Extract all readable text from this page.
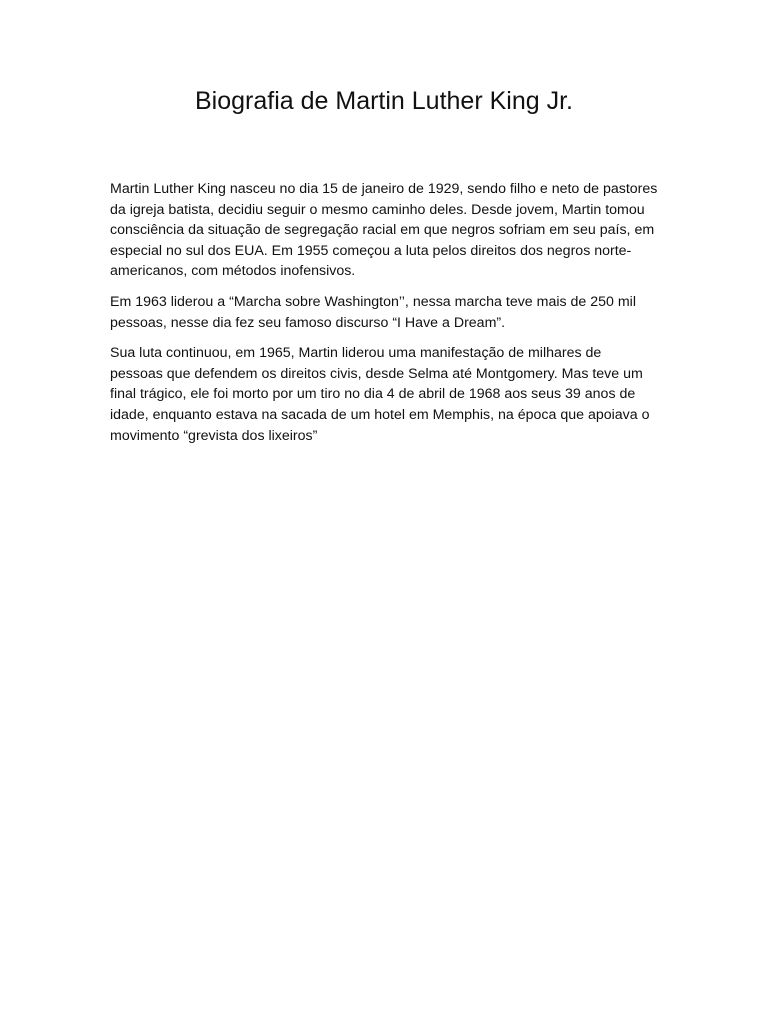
Biografia de Martin Luther King Jr.

Martin Luther King nasceu no dia 15 de janeiro de 1929, sendo filho e neto de pastores da igreja batista, decidiu seguir o mesmo caminho deles. Desde jovem, Martin tomou consciência da situação de segregação racial em que negros sofriam em seu país, em especial no sul dos EUA. Em 1955 começou a luta pelos direitos dos negros norte-americanos, com métodos inofensivos.

Em 1963 liderou a “Marcha sobre Washington’’, nessa marcha teve mais de 250 mil pessoas, nesse dia fez seu famoso discurso “I Have a Dream”.

Sua luta continuou, em 1965, Martin liderou uma manifestação de milhares de pessoas que defendem os direitos civis, desde Selma até Montgomery. Mas teve um final trágico, ele foi morto por um tiro no dia 4 de abril de 1968 aos seus 39 anos de idade, enquanto estava na sacada de um hotel em Memphis, na época que apoiava o movimento “grevista dos lixeiros”
